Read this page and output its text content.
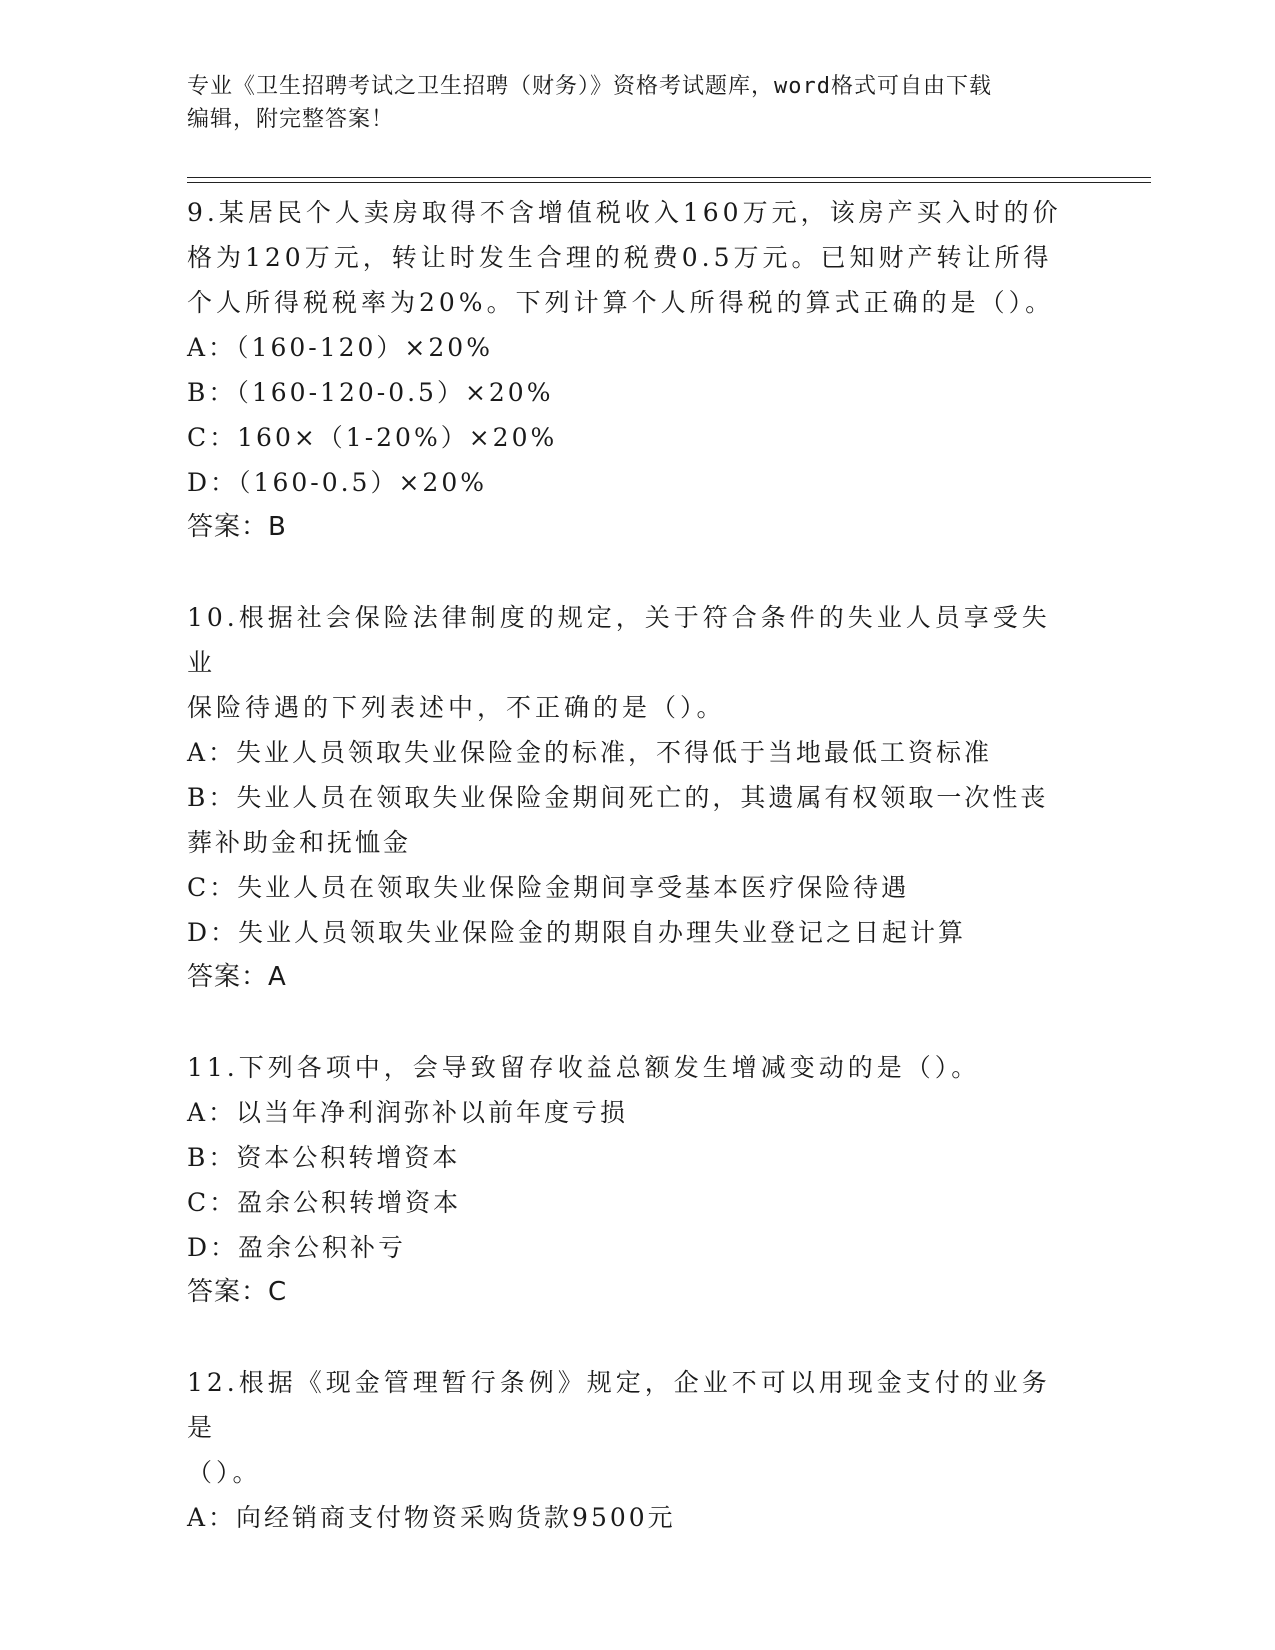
专业《卫生招聘考试之卫生招聘（财务）》资格考试题库，word格式可自由下载
编辑，附完整答案！
9.某居民个人卖房取得不含增值税收入160万元，该房产买入时的价
格为120万元，转让时发生合理的税费0.5万元。已知财产转让所得
个人所得税税率为20%。下列计算个人所得税的算式正确的是（）。
A：（160-120）×20%
B：（160-120-0.5）×20%
C：160×（1-20%）×20%
D：（160-0.5）×20%
答案：B
10.根据社会保险法律制度的规定，关于符合条件的失业人员享受失业
保险待遇的下列表述中，不正确的是（）。
A：失业人员领取失业保险金的标准，不得低于当地最低工资标准
B：失业人员在领取失业保险金期间死亡的，其遗属有权领取一次性丧
葬补助金和抚恤金
C：失业人员在领取失业保险金期间享受基本医疗保险待遇
D：失业人员领取失业保险金的期限自办理失业登记之日起计算
答案：A
11.下列各项中，会导致留存收益总额发生增减变动的是（）。
A：以当年净利润弥补以前年度亏损
B：资本公积转增资本
C：盈余公积转增资本
D：盈余公积补亏
答案：C
12.根据《现金管理暂行条例》规定，企业不可以用现金支付的业务是
（）。
A：向经销商支付物资采购货款9500元
